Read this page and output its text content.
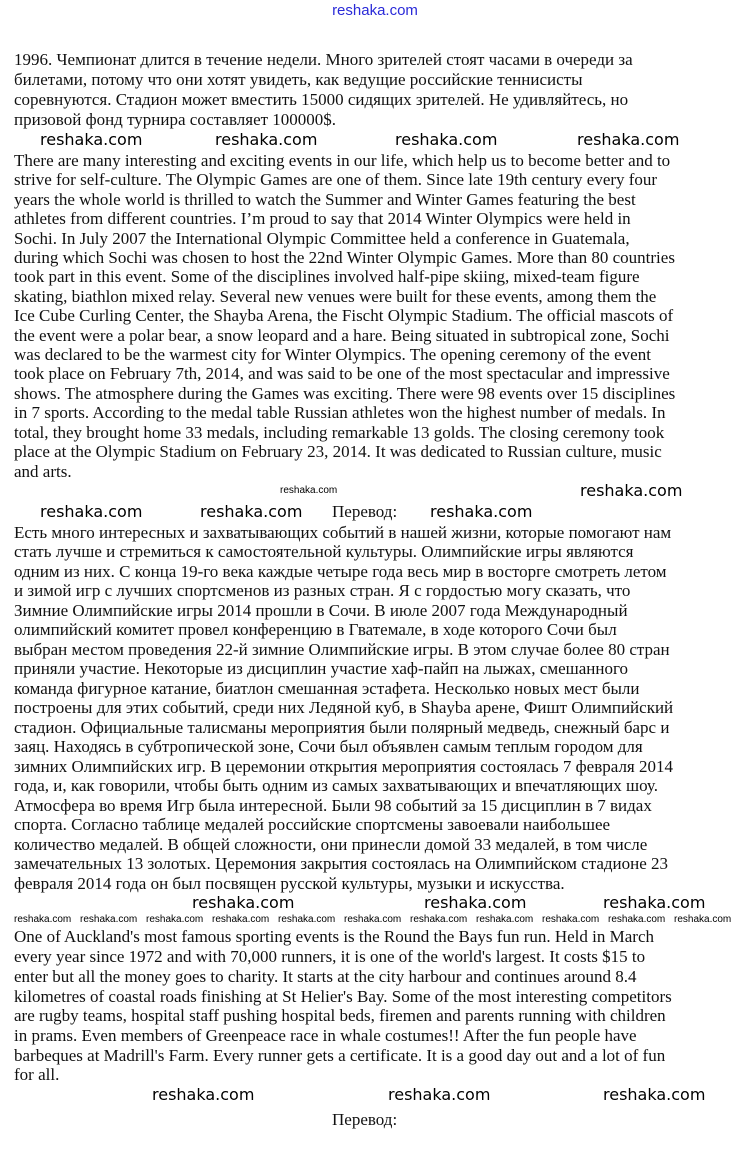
reshaka.com
1996. Чемпионат длится в течение недели. Много зрителей стоят часами в очереди за
билетами, потому что они хотят увидеть, как ведущие российские теннисисты
соревнуются. Стадион может вместить 15000 сидящих зрителей. Не удивляйтесь, но
призовой фонд турнира составляет 100000$.
reshaka.com	reshaka.com	reshaka.com	reshaka.com
There are many interesting and exciting events in our life, which help us to become better and to
strive for self-culture. The Olympic Games are one of them. Since late 19th century every four
years the whole world is thrilled to watch the Summer and Winter Games featuring the best
athletes from different countries. I’m proud to say that 2014 Winter Olympics were held in
Sochi. In July 2007 the International Olympic Committee held a conference in Guatemala,
during which Sochi was chosen to host the 22nd Winter Olympic Games. More than 80 countries
took part in this event. Some of the disciplines involved half-pipe skiing, mixed-team figure
skating, biathlon mixed relay. Several new venues were built for these events, among them the
Ice Cube Curling Center, the Shayba Arena, the Fischt Olympic Stadium. The official mascots of
the event were a polar bear, a snow leopard and a hare. Being situated in subtropical zone, Sochi
was declared to be the warmest city for Winter Olympics. The opening ceremony of the event
took place on February 7th, 2014, and was said to be one of the most spectacular and impressive
shows. The atmosphere during the Games was exciting. There were 98 events over 15 disciplines
in 7 sports. According to the medal table Russian athletes won the highest number of medals. In
total, they brought home 33 medals, including remarkable 13 golds. The closing ceremony took
place at the Olympic Stadium on February 23, 2014. It was dedicated to Russian culture, music
and arts.
reshaka.com	reshaka.com
reshaka.com	reshaka.com Перевод: reshaka.com
Есть много интересных и захватывающих событий в нашей жизни, которые помогают нам
стать лучше и стремиться к самостоятельной культуры. Олимпийские игры являются
одним из них. С конца 19-го века каждые четыре года весь мир в восторге смотреть летом
и зимой игр с лучших спортсменов из разных стран. Я с гордостью могу сказать, что
Зимние Олимпийские игры 2014 прошли в Сочи. В июле 2007 года Международный
олимпийский комитет провел конференцию в Гватемале, в ходе которого Сочи был
выбран местом проведения 22-й зимние Олимпийские игры. В этом случае более 80 стран
приняли участие. Некоторые из дисциплин участие хаф-пайп на лыжах, смешанного
команда фигурное катание, биатлон смешанная эстафета. Несколько новых мест были
построены для этих событий, среди них Ледяной куб, в Shayba арене, Фишт Олимпийский
стадион. Официальные талисманы мероприятия были полярный медведь, снежный барс и
заяц. Находясь в субтропической зоне, Сочи был объявлен самым теплым городом для
зимних Олимпийских игр. В церемонии открытия мероприятия состоялась 7 февраля 2014
года, и, как говорили, чтобы быть одним из самых захватывающих и впечатляющих шоу.
Атмосфера во время Игр была интересной. Были 98 событий за 15 дисциплин в 7 видах
спорта. Согласно таблице медалей российские спортсмены завоевали наибольшее
количество медалей. В общей сложности, они принесли домой 33 медалей, в том числе
замечательных 13 золотых. Церемония закрытия состоялась на Олимпийском стадионе 23
февраля 2014 года он был посвящен русской культуры, музыки и искусства.
reshaka.com	reshaka.com	reshaka.com
reshaka.com reshaka.com reshaka.com reshaka.com reshaka.com reshaka.com reshaka.com reshaka.com reshaka.com reshaka.com reshaka.com
One of Auckland's most famous sporting events is the Round the Bays fun run. Held in March
every year since 1972 and with 70,000 runners, it is one of the world's largest. It costs $15 to
enter but all the money goes to charity. It starts at the city harbour and continues around 8.4
kilometres of coastal roads finishing at St Helier's Bay. Some of the most interesting competitors
are rugby teams, hospital staff pushing hospital beds, firemen and parents running with children
in prams. Even members of Greenpeace race in whale costumes!! After the fun people have
barbeques at Madrill's Farm. Every runner gets a certificate. It is a good day out and a lot of fun
for all.
reshaka.com	reshaka.com	reshaka.com
Перевод:
